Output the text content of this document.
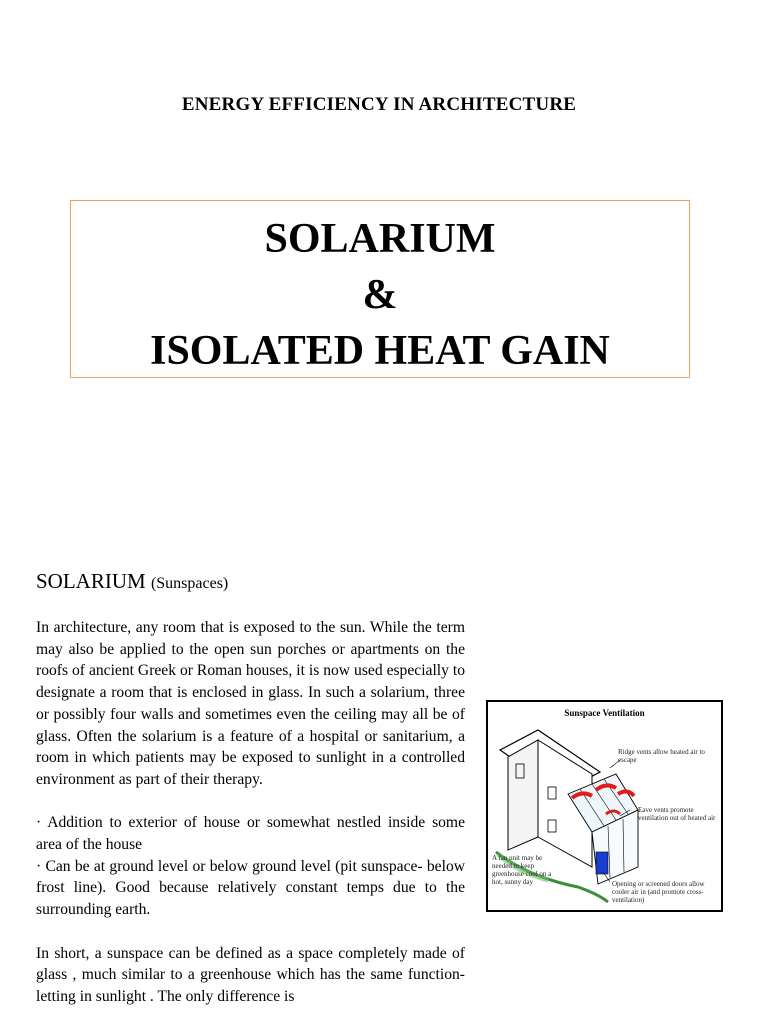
ENERGY EFFICIENCY IN ARCHITECTURE
SOLARIUM
&
ISOLATED HEAT GAIN
SOLARIUM (Sunspaces)

In architecture, any room that is exposed to the sun. While the term may also be applied to the open sun porches or apartments on the roofs of ancient Greek or Roman houses, it is now used especially to designate a room that is enclosed in glass. In such a solarium, three or possibly four walls and sometimes even the ceiling may all be of glass. Often the solarium is a feature of a hospital or sanitarium, a room in which patients may be exposed to sunlight in a controlled environment as part of their therapy.

· Addition to exterior of house or somewhat nestled inside some area of the house

· Can be at ground level or below ground level (pit sunspace- below frost line). Good because relatively constant temps due to the surrounding earth.

In short, a sunspace can be defined as a space completely made of glass , much similar to a greenhouse which has the same function-letting in sunlight . The only difference is

Sunspace Ventilation
Ridge vents allow heated air to escape
Eave vents promote ventilation out of heated air
A fan unit may be needed to keep greenhouse cool on a hot, sunny day	Opening or screened doors allow cooler air in (and promote cross-ventilation)
